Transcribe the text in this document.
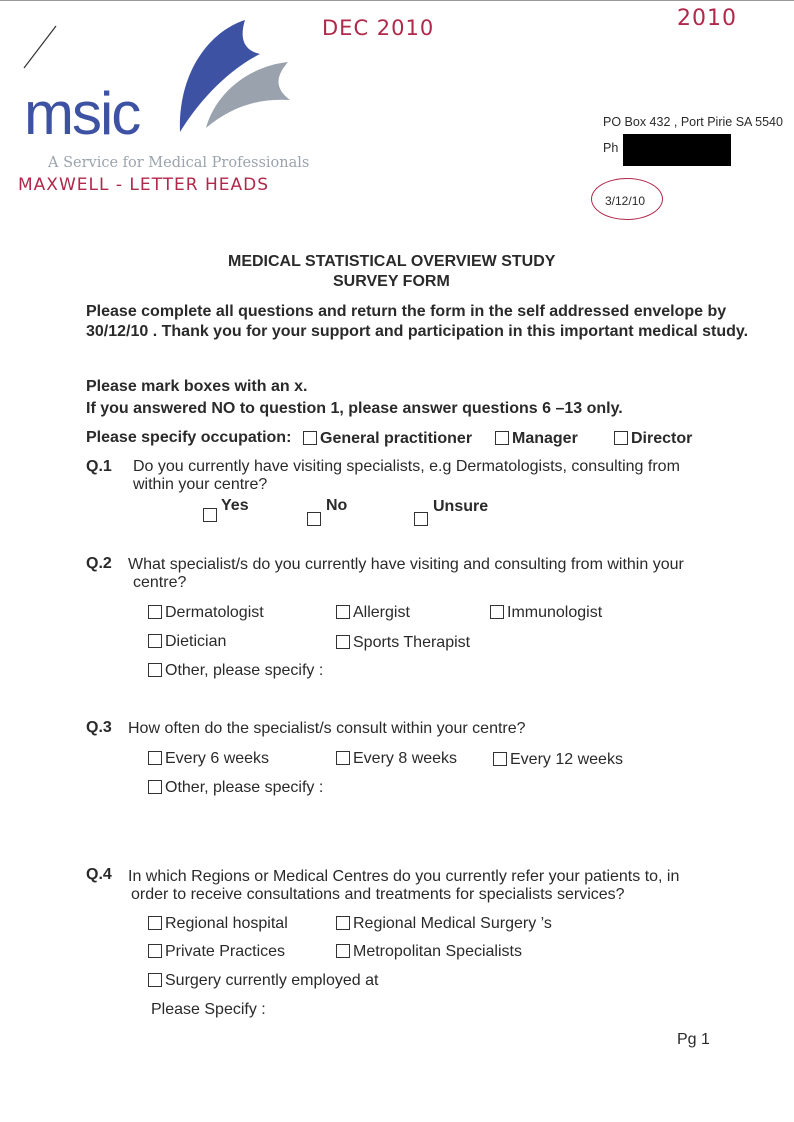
DEC 2010	2010
MAXWELL - LETTER HEADS
msic
A Service for Medical Professionals
PO Box 432 , Port Pirie SA 5540
Ph
3/12/10
MEDICAL STATISTICAL OVERVIEW STUDY
SURVEY FORM
Please complete all questions and return the form in the self addressed envelope by
30/12/10 . Thank you for your support and participation in this important medical study.
Please mark boxes with an x.
If you answered NO to question 1, please answer questions 6 –13 only.
Please specify occupation:	General practitioner	Manager	Director
Q.1 Do you currently have visiting specialists, e.g Dermatologists, consulting from
within your centre?
Yes	No	Unsure
Q.2 What specialist/s do you currently have visiting and consulting from within your
centre?
Dermatologist	Allergist	Immunologist
Dietician	Sports Therapist
Other, please specify :
Q.3 How often do the specialist/s consult within your centre?
Every 6 weeks	Every 8 weeks	Every 12 weeks
Other, please specify :
Q.4 In which Regions or Medical Centres do you currently refer your patients to, in
order to receive consultations and treatments for specialists services?
Regional hospital	Regional Medical Surgery ’s
Private Practices	Metropolitan Specialists
Surgery currently employed at
Please Specify :
Pg 1
